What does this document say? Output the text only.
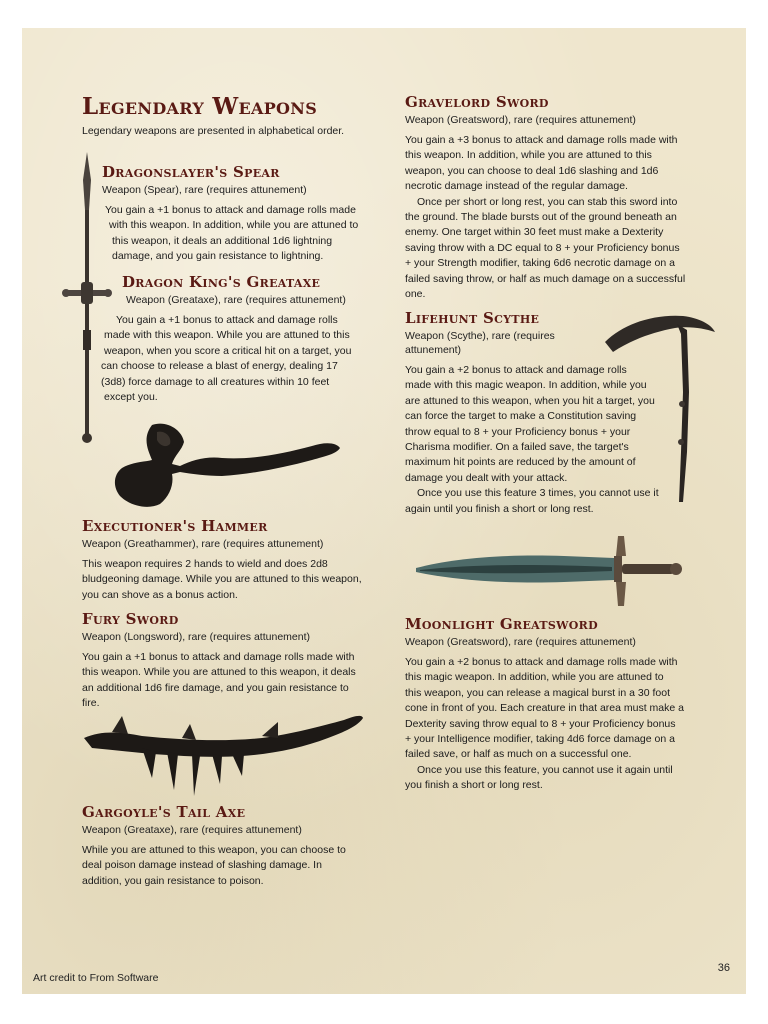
Legendary Weapons

Legendary weapons are presented in alphabetical order.

Dragonslayer's Spear

Weapon (Spear), rare (requires attunement)

You gain a +1 bonus to attack and damage rolls made
with this weapon. In addition, while you are attuned to
this weapon, it deals an additional 1d6 lightning
damage, and you gain resistance to lightning.

Dragon King's Greataxe

Weapon (Greataxe), rare (requires attunement)

You gain a +1 bonus to attack and damage rolls
made with this weapon. While you are attuned to this
weapon, when you score a critical hit on a target, you
can choose to release a blast of energy, dealing 17
(3d8) force damage to all creatures within 10 feet
except you.

Executioner's Hammer

Weapon (Greathammer), rare (requires attunement)

This weapon requires 2 hands to wield and does 2d8
bludgeoning damage. While you are attuned to this weapon,
you can shove as a bonus action.

Fury Sword

Weapon (Longsword), rare (requires attunement)

You gain a +1 bonus to attack and damage rolls made with
this weapon. While you are attuned to this weapon, it deals
an additional 1d6 fire damage, and you gain resistance to
fire.

Gargoyle's Tail Axe

Weapon (Greataxe), rare (requires attunement)

While you are attuned to this weapon, you can choose to
deal poison damage instead of slashing damage. In
addition, you gain resistance to poison.

Gravelord Sword

Weapon (Greatsword), rare (requires attunement)

You gain a +3 bonus to attack and damage rolls made with
this weapon. In addition, while you are attuned to this
weapon, you can choose to deal 1d6 slashing and 1d6
necrotic damage instead of the regular damage.
Once per short or long rest, you can stab this sword into
the ground. The blade bursts out of the ground beneath an
enemy. One target within 30 feet must make a Dexterity
saving throw with a DC equal to 8 + your Proficiency bonus
+ your Strength modifier, taking 6d6 necrotic damage on a
failed saving throw, or half as much damage on a successful
one.

Lifehunt Scythe

Weapon (Scythe), rare (requires
attunement)

You gain a +2 bonus to attack and damage rolls
made with this magic weapon. In addition, while you
are attuned to this weapon, when you hit a target, you
can force the target to make a Constitution saving
throw equal to 8 + your Proficiency bonus + your
Charisma modifier. On a failed save, the target's
maximum hit points are reduced by the amount of
damage you dealt with your attack.
Once you use this feature 3 times, you cannot use it
again until you finish a short or long rest.

Moonlight Greatsword

Weapon (Greatsword), rare (requires attunement)

You gain a +2 bonus to attack and damage rolls made with
this magic weapon. In addition, while you are attuned to
this weapon, you can release a magical burst in a 30 foot
cone in front of you. Each creature in that area must make a
Dexterity saving throw equal to 8 + your Proficiency bonus
+ your Intelligence modifier, taking 4d6 force damage on a
failed save, or half as much on a successful one.
Once you use this feature, you cannot use it again until
you finish a short or long rest.

36
Art credit to From Software
